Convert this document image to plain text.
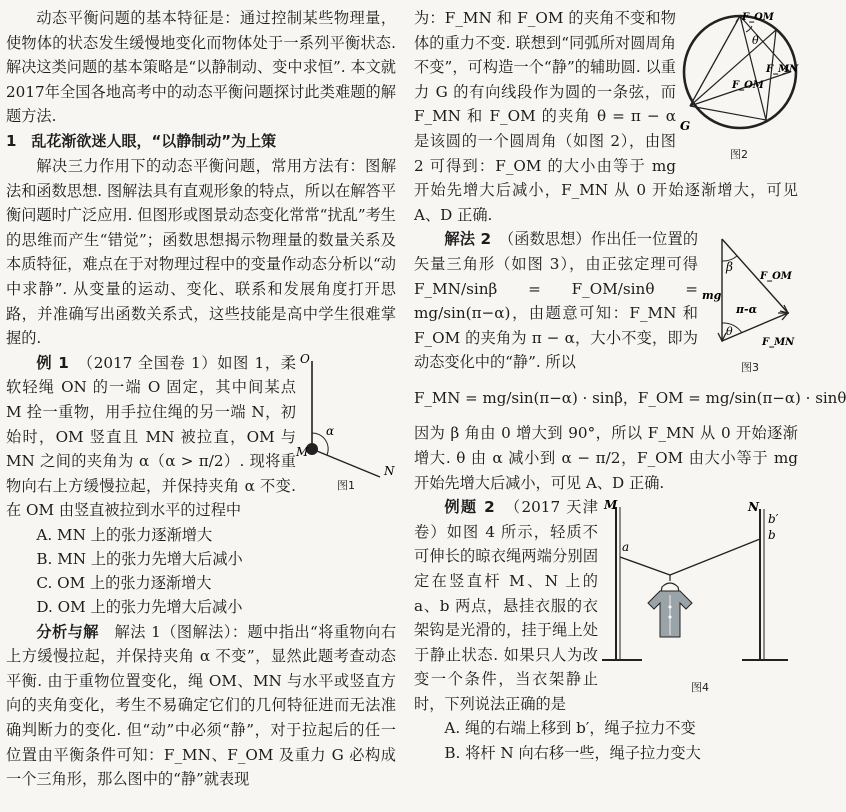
动态平衡问题的基本特征是：通过控制某些物理量，使物体的状态发生缓慢地变化而物体处于一系列平衡状态. 解决这类问题的基本策略是“以静制动、变中求恒”. 本文就2017年全国各地高考中的动态平衡问题探讨此类难题的解题方法.

1　乱花渐欲迷人眼，“以静制动”为上策

解决三力作用下的动态平衡问题，常用方法有：图解法和函数思想. 图解法具有直观形象的特点，所以在解答平衡问题时广泛应用. 但图形或图景动态变化常常“扰乱”考生的思维而产生“错觉”；函数思想揭示物理量的数量关系及本质特征，难点在于对物理过程中的变量作动态分析以“动中求静”. 从变量的运动、变化、联系和发展角度打开思路，并准确写出函数关系式，这些技能是高中学生很难掌握的.

O
M
N
α
图1

例 1　 （2017 全国卷 1）如图 1，柔软轻绳 ON 的一端 O 固定，其中间某点 M 拴一重物，用手拉住绳的另一端 N，初始时，OM 竖直且 MN 被拉直，OM 与 MN 之间的夹角为 α（α > π/2）. 现将重物向右上方缓慢拉起，并保持夹角 α 不变. 在 OM 由竖直被拉到水平的过程中

A. MN 上的张力逐渐增大
B. MN 上的张力先增大后减小
C. OM 上的张力逐渐增大
D. OM 上的张力先增大后减小

分析与解　 解法 1（图解法）：题中指出“将重物向右上方缓慢拉起，并保持夹角 α 不变”，显然此题考查动态平衡. 由于重物位置变化，绳 OM、MN 与水平或竖直方向的夹角变化，考生不易确定它们的几何特征进而无法准确判断力的变化. 但“动”中必须“静”，对于拉起后的任一位置由平衡条件可知：F_MN、F_OM 及重力 G 必构成一个三角形，那么图中的“静”就表现

F_OM
θ
F_MN
F_OM
G
图2

为：F_MN 和 F_OM 的夹角不变和物体的重力不变. 联想到“同弧所对圆周角不变”，可构造一个“静”的辅助圆. 以重力 G 的有向线段作为圆的一条弦，而 F_MN 和 F_OM 的夹角 θ = π − α 是该圆的一个圆周角（如图 2），由图 2 可得到：F_OM 的大小由等于 mg 开始先增大后减小，F_MN 从 0 开始逐渐增大，可见 A、D 正确.

β
F_OM
mg
π-α
θ
F_MN
图3

解法 2　 （函数思想）作出任一位置的矢量三角形（如图 3），由正弦定理可得 F_MN/sinβ = F_OM/sinθ = mg/sin(π−α)，由题意可知：F_MN 和 F_OM 的夹角为 π − α，大小不变，即为动态变化中的“静”. 所以

F_MN = mg/sin(π−α) · sinβ，F_OM = mg/sin(π−α) · sinθ

因为 β 角由 0 增大到 90°，所以 F_MN 从 0 开始逐渐增大. θ 由 α 减小到 α − π/2，F_OM 由大小等于 mg 开始先增大后减小，可见 A、D 正确.

M	N
a
b
b′
图4

例题 2　 （2017 天津卷）如图 4 所示，轻质不可伸长的晾衣绳两端分别固定在竖直杆 M、N 上的 a、b 两点，悬挂衣服的衣架钩是光滑的，挂于绳上处于静止状态. 如果只人为改变一个条件，当衣架静止时，下列说法正确的是

A. 绳的右端上移到 b′，绳子拉力不变
B. 将杆 N 向右移一些，绳子拉力变大
